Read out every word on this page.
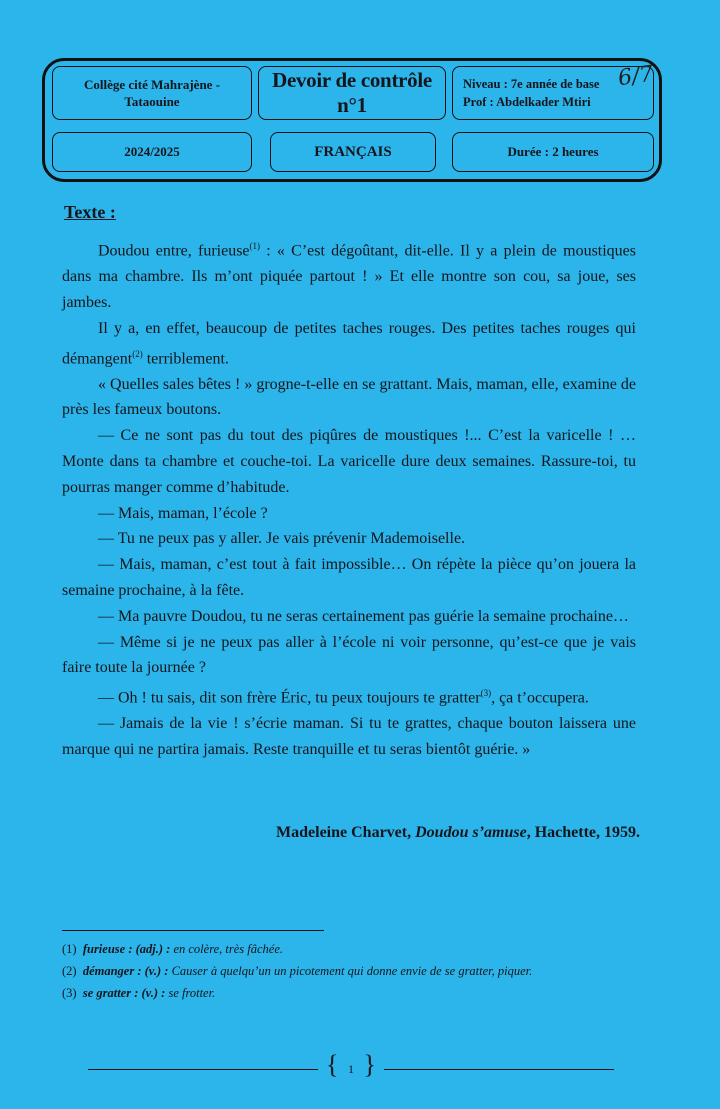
Collège cité Mahrajène -
Tataouine
Devoir de contrôle n°1
Niveau : 7e année de base
Prof : Abdelkader Mtiri
6/7
2024/2025	FRANÇAIS	Durée : 2 heures
Texte :

Doudou entre, furieuse$^{(1)}$ : « C’est dégoûtant, dit-elle. Il y a plein de moustiques dans ma chambre. Ils m’ont piquée partout ! » Et elle montre son cou, sa joue, ses jambes.

Il y a, en effet, beaucoup de petites taches rouges. Des petites taches rouges qui démangent$^{(2)}$ terriblement.

« Quelles sales bêtes ! » grogne-t-elle en se grattant. Mais, maman, elle, examine de près les fameux boutons.

— Ce ne sont pas du tout des piqûres de moustiques !... C’est la varicelle ! … Monte dans ta chambre et couche-toi. La varicelle dure deux semaines. Rassure-toi, tu pourras manger comme d’habitude.

— Mais, maman, l’école ?

— Tu ne peux pas y aller. Je vais prévenir Mademoiselle.

— Mais, maman, c’est tout à fait impossible… On répète la pièce qu’on jouera la semaine prochaine, à la fête.

— Ma pauvre Doudou, tu ne seras certainement pas guérie la semaine prochaine…

— Même si je ne peux pas aller à l’école ni voir personne, qu’est-ce que je vais faire toute la journée ?

— Oh ! tu sais, dit son frère Éric, tu peux toujours te gratter$^{(3)}$, ça t’occupera.

— Jamais de la vie ! s’écrie maman. Si tu te grattes, chaque bouton laissera une marque qui ne partira jamais. Reste tranquille et tu seras bientôt guérie. »

Madeleine Charvet, Doudou s’amuse, Hachette, 1959.
(1) furieuse : (adj.) : en colère, très fâchée.
(2) démanger : (v.) : Causer à quelqu’un un picotement qui donne envie de se gratter, piquer.
(3) se gratter : (v.) : se frotter.
{ 1 }
